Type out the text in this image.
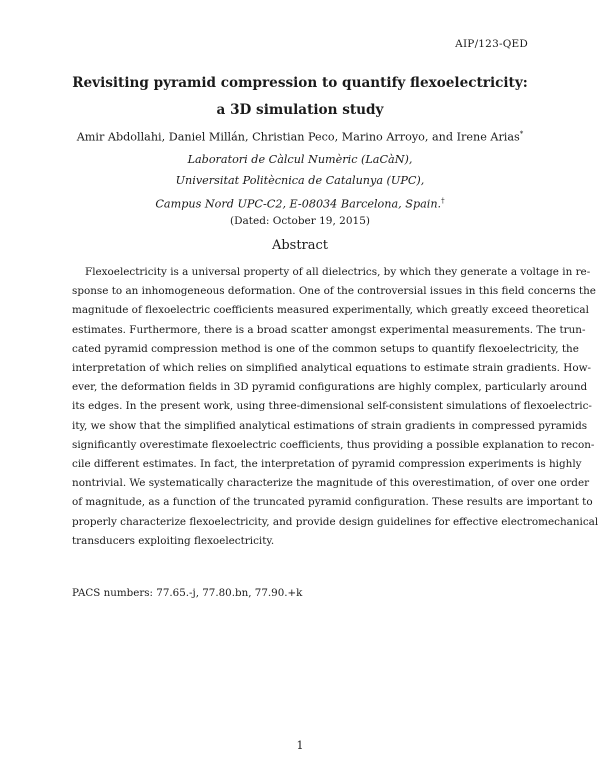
AIP/123-QED
Revisiting pyramid compression to quantify flexoelectricity:
a 3D simulation study
Amir Abdollahi, Daniel Millán, Christian Peco, Marino Arroyo, and Irene Arias*
Laboratori de Càlcul Numèric (LaCàN),
Universitat Politècnica de Catalunya (UPC),
Campus Nord UPC-C2, E-08034 Barcelona, Spain.†
(Dated: October 19, 2015)
Abstract
Flexoelectricity is a universal property of all dielectrics, by which they generate a voltage in re-
sponse to an inhomogeneous deformation. One of the controversial issues in this field concerns the
magnitude of flexoelectric coefficients measured experimentally, which greatly exceed theoretical
estimates. Furthermore, there is a broad scatter amongst experimental measurements. The trun-
cated pyramid compression method is one of the common setups to quantify flexoelectricity, the
interpretation of which relies on simplified analytical equations to estimate strain gradients. How-
ever, the deformation fields in 3D pyramid configurations are highly complex, particularly around
its edges. In the present work, using three-dimensional self-consistent simulations of flexoelectric-
ity, we show that the simplified analytical estimations of strain gradients in compressed pyramids
significantly overestimate flexoelectric coefficients, thus providing a possible explanation to recon-
cile different estimates. In fact, the interpretation of pyramid compression experiments is highly
nontrivial. We systematically characterize the magnitude of this overestimation, of over one order
of magnitude, as a function of the truncated pyramid configuration. These results are important to
properly characterize flexoelectricity, and provide design guidelines for effective electromechanical
transducers exploiting flexoelectricity.
PACS numbers: 77.65.-j, 77.80.bn, 77.90.+k
1
